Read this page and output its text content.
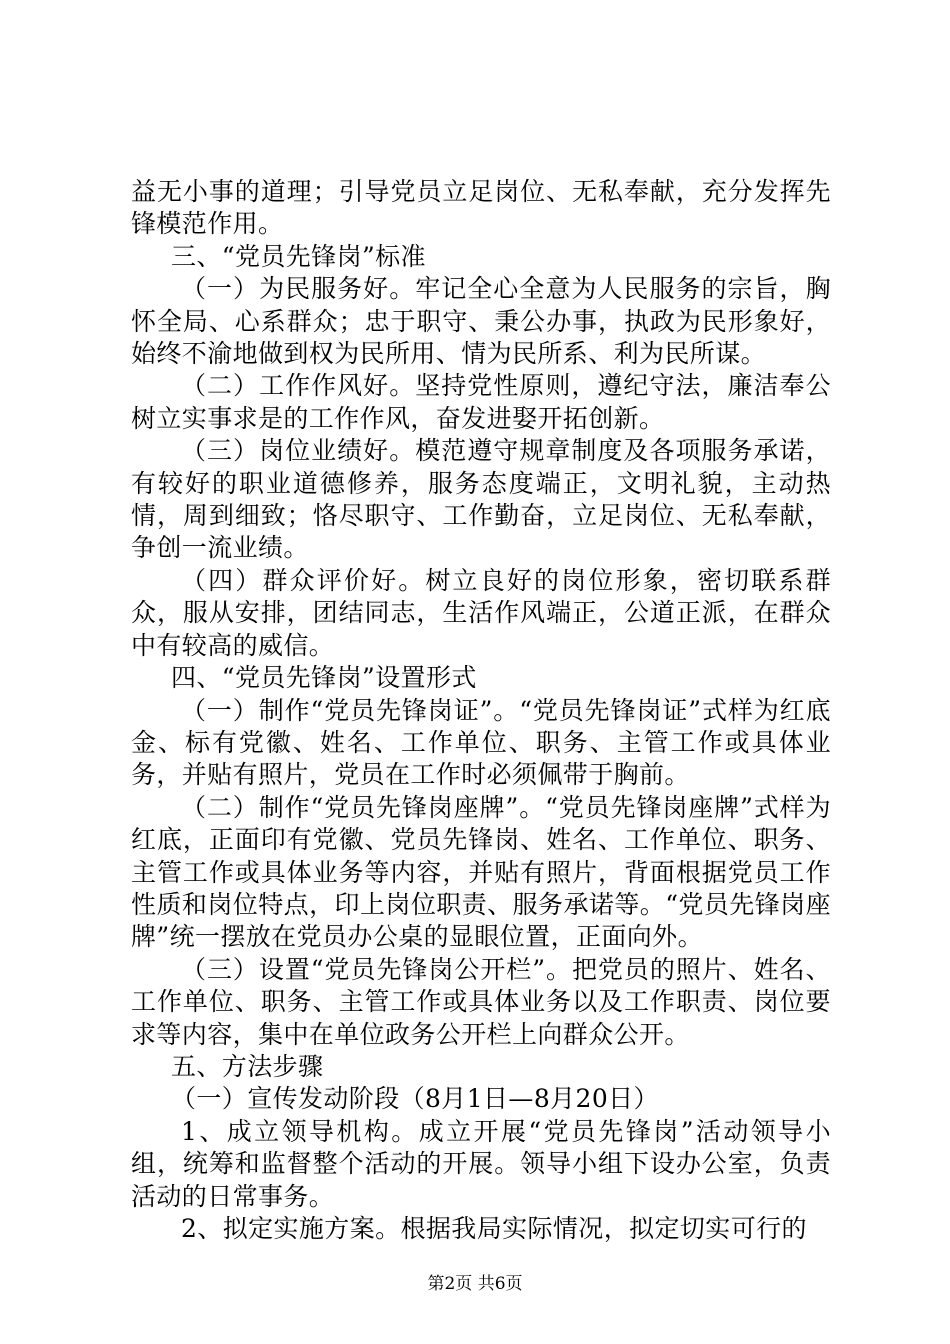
益无小事的道理；引导党员立足岗位、无私奉献，充分发挥先锋模范作用。

三、“党员先锋岗”标准

（一）为民服务好。牢记全心全意为人民服务的宗旨，胸怀全局、心系群众；忠于职守、秉公办事，执政为民形象好，始终不渝地做到权为民所用、情为民所系、利为民所谋。

（二）工作作风好。坚持党性原则，遵纪守法，廉洁奉公树立实事求是的工作作风，奋发进娶开拓创新。

（三）岗位业绩好。模范遵守规章制度及各项服务承诺，有较好的职业道德修养，服务态度端正，文明礼貌，主动热情，周到细致；恪尽职守、工作勤奋，立足岗位、无私奉献，争创一流业绩。

（四）群众评价好。树立良好的岗位形象，密切联系群众，服从安排，团结同志，生活作风端正，公道正派，在群众中有较高的威信。

四、“党员先锋岗”设置形式

（一）制作“党员先锋岗证”。“党员先锋岗证”式样为红底金、标有党徽、姓名、工作单位、职务、主管工作或具体业务，并贴有照片，党员在工作时必须佩带于胸前。

（二）制作“党员先锋岗座牌”。“党员先锋岗座牌”式样为红底，正面印有党徽、党员先锋岗、姓名、工作单位、职务、主管工作或具体业务等内容，并贴有照片，背面根据党员工作性质和岗位特点，印上岗位职责、服务承诺等。“党员先锋岗座牌”统一摆放在党员办公桌的显眼位置，正面向外。

（三）设置“党员先锋岗公开栏”。把党员的照片、姓名、工作单位、职务、主管工作或具体业务以及工作职责、岗位要求等内容，集中在单位政务公开栏上向群众公开。

五、方法步骤

（一）宣传发动阶段（8月1日—8月20日）

1、成立领导机构。成立开展“党员先锋岗”活动领导小组，统筹和监督整个活动的开展。领导小组下设办公室，负责活动的日常事务。

2、拟定实施方案。根据我局实际情况，拟定切实可行的

第2页 共6页
